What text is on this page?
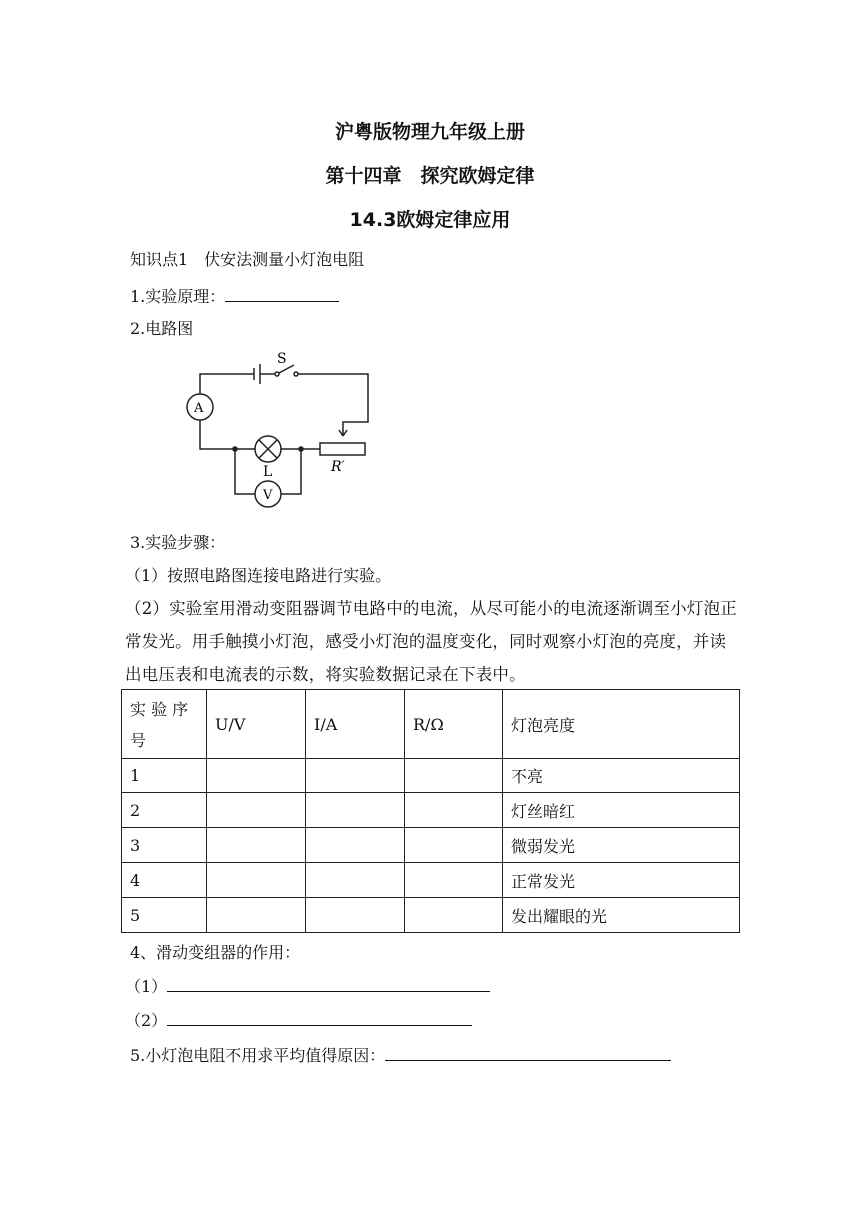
沪粤版物理九年级上册
第十四章　探究欧姆定律
14.3欧姆定律应用
知识点1　伏安法测量小灯泡电阻
1.实验原理：
2.电路图
S
A
L
V
R′
3.实验步骤：
（1）按照电路图连接电路进行实验。
（2）实验室用滑动变阻器调节电路中的电流，从尽可能小的电流逐渐调至小灯泡正常发光。用手触摸小灯泡，感受小灯泡的温度变化，同时观察小灯泡的亮度，并读出电压表和电流表的示数，将实验数据记录在下表中。
实 验 序 号	U/V	I/A	R/Ω	灯泡亮度
1				不亮
2				灯丝暗红
3				微弱发光
4				正常发光
5				发出耀眼的光
4、滑动变组器的作用：
（1）
（2）
5.小灯泡电阻不用求平均值得原因：
